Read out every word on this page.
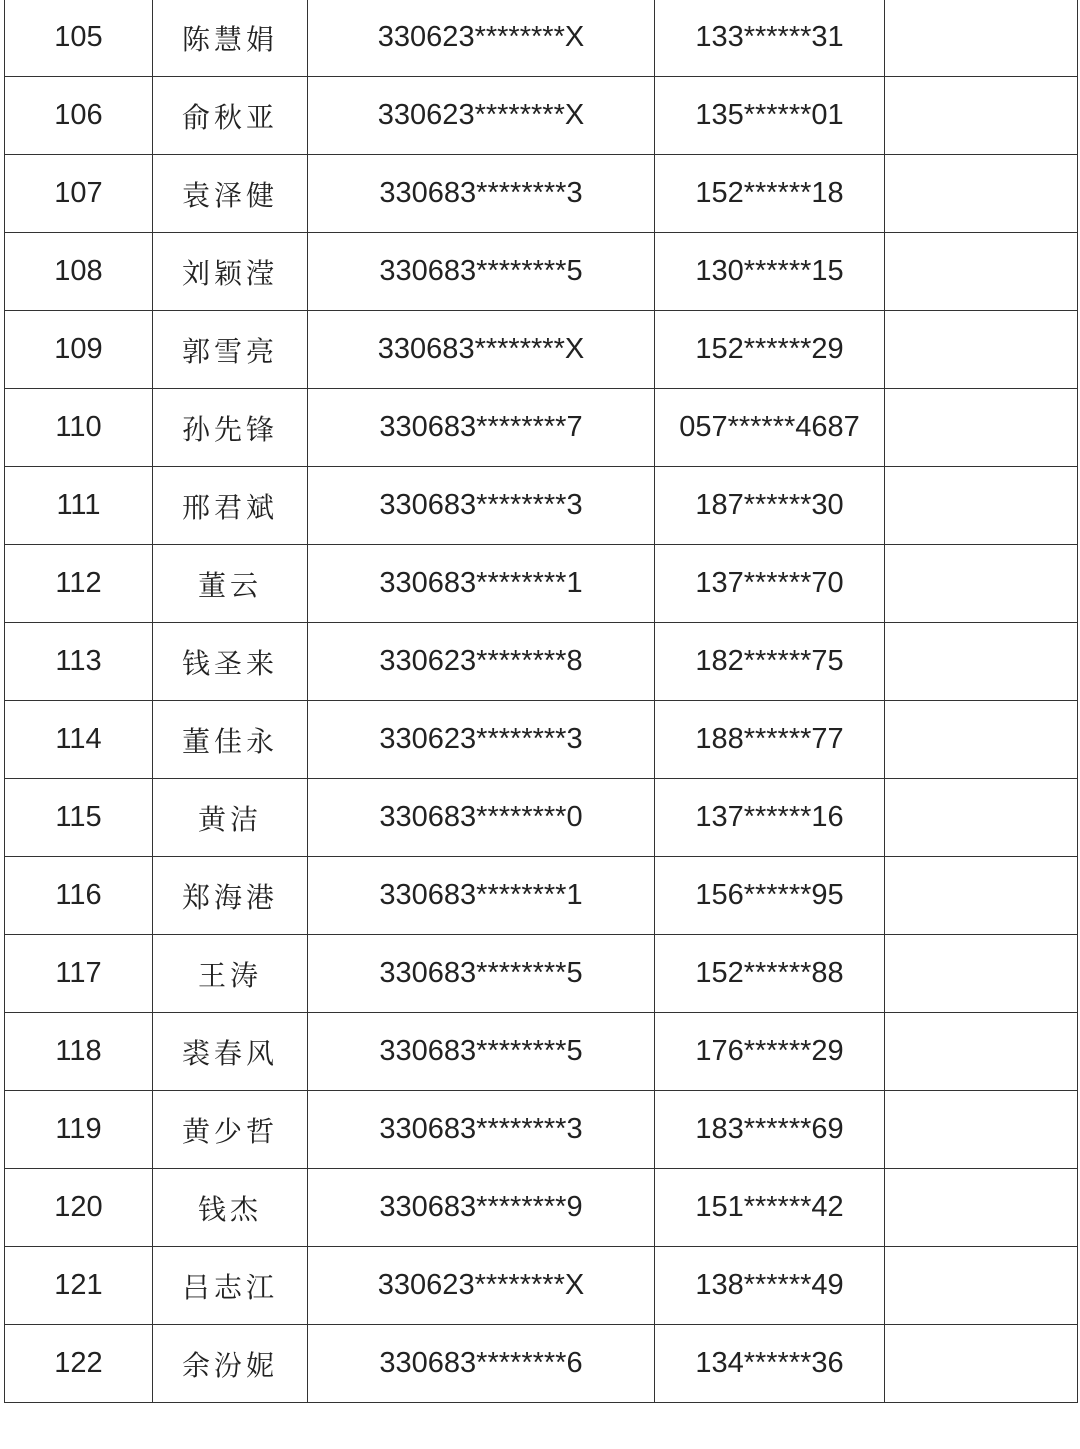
105	陈慧娟	330623********X	133******31	
106	俞秋亚	330623********X	135******01	
107	袁泽健	330683********3	152******18	
108	刘颖滢	330683********5	130******15	
109	郭雪亮	330683********X	152******29	
110	孙先锋	330683********7	057******4687	
111	邢君斌	330683********3	187******30	
112	董云	330683********1	137******70	
113	钱圣来	330623********8	182******75	
114	董佳永	330623********3	188******77	
115	黄洁	330683********0	137******16	
116	郑海港	330683********1	156******95	
117	王涛	330683********5	152******88	
118	裘春风	330683********5	176******29	
119	黄少哲	330683********3	183******69	
120	钱杰	330683********9	151******42	
121	吕志江	330623********X	138******49	
122	余汾妮	330683********6	134******36	
